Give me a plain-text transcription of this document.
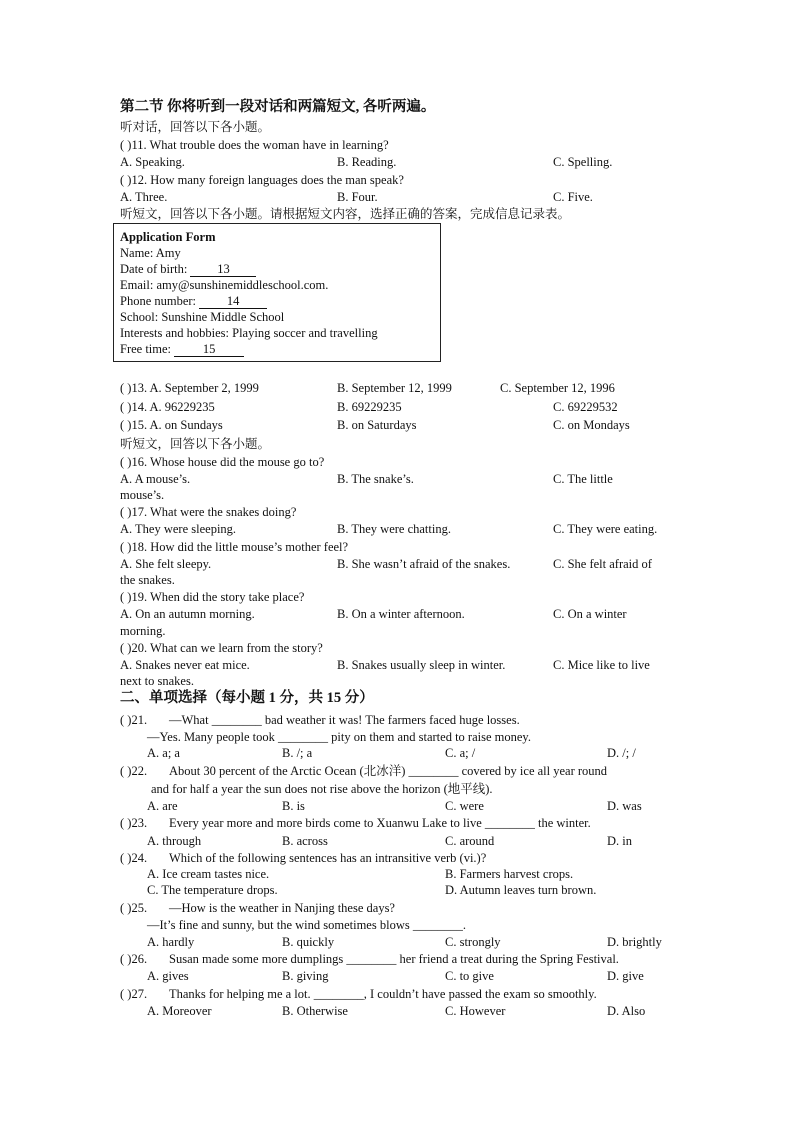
第二节 你将听到一段对话和两篇短文, 各听两遍。
听对话，回答以下各小题。
( )11. What trouble does the woman have in learning?
A. Speaking.	B. Reading.	C. Spelling.
( )12. How many foreign languages does the man speak?
A. Three.	B. Four.	C. Five.
听短文，回答以下各小题。请根据短文内容，选择正确的答案，完成信息记录表。
Application Form
Name: Amy
Date of birth: 13
Email: amy@sunshinemiddleschool.com.
Phone number: 14
School: Sunshine Middle School
Interests and hobbies: Playing soccer and travelling
Free time:	15
( )13. A. September 2, 1999	B. September 12, 1999	C. September 12, 1996
( )14. A. 96229235	B. 69229235	C. 69229532
( )15. A. on Sundays	B. on Saturdays	C. on Mondays
听短文，回答以下各小题。
( )16. Whose house did the mouse go to?
A. A mouse’s.	B. The snake’s.	C. The little
mouse’s.
( )17. What were the snakes doing?
A. They were sleeping.	B. They were chatting.	C. They were eating.
( )18. How did the little mouse’s mother feel?
A. She felt sleepy.	B. She wasn’t afraid of the snakes.	C. She felt afraid of
the snakes.
( )19. When did the story take place?
A. On an autumn morning.	B. On a winter afternoon.	C. On a winter
morning.
( )20. What can we learn from the story?
A. Snakes never eat mice.	B. Snakes usually sleep in winter.	C. Mice like to live
next to snakes.
二、单项选择（每小题 1 分，共 15 分）
( )21. —What ________ bad weather it was! The farmers faced huge losses.
—Yes. Many people took ________ pity on them and started to raise money.
A. a; a	B. /; a	C. a; /	D. /; /
( )22. About 30 percent of the Arctic Ocean (北冰洋) ________ covered by ice all year round
and for half a year the sun does not rise above the horizon (地平线).
A. are	B. is	C. were	D. was
( )23. Every year more and more birds come to Xuanwu Lake to live ________ the winter.
A. through	B. across	C. around	D. in
( )24. Which of the following sentences has an intransitive verb (vi.)?
A. Ice cream tastes nice.	B. Farmers harvest crops.
C. The temperature drops.	D. Autumn leaves turn brown.
( )25. —How is the weather in Nanjing these days?
—It’s fine and sunny, but the wind sometimes blows ________.
A. hardly	B. quickly	C. strongly	D. brightly
( )26. Susan made some more dumplings ________ her friend a treat during the Spring Festival.
A. gives	B. giving	C. to give	D. give
( )27. Thanks for helping me a lot. ________, I couldn’t have passed the exam so smoothly.
A. Moreover	B. Otherwise	C. However	D. Also
